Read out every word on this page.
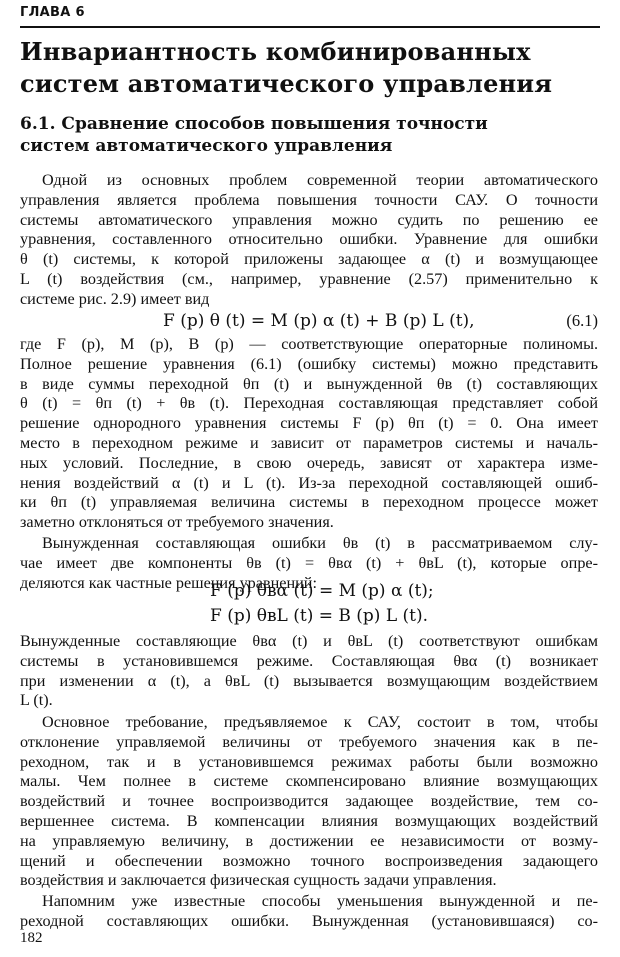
ГЛАВА 6
Инвариантность комбинированных
систем автоматического управления
6.1. Сравнение способов повышения точности
систем автоматического управления
Одной из основных проблем современной теории автоматического
управления является проблема повышения точности САУ. О точности
системы автоматического управления можно судить по решению ее
уравнения, составленного относительно ошибки. Уравнение для ошибки
θ (t) системы, к которой приложены задающее α (t) и возмущающее
L (t) воздействия (см., например, уравнение (2.57) применительно к
системе рис. 2.9) имеет вид
F (p) θ (t) = M (p) α (t) + B (p) L (t),	(6.1)
где F (p), M (p), B (p) — соответствующие операторные полиномы.
Полное решение уравнения (6.1) (ошибку системы) можно представить
в виде суммы переходной θп (t) и вынужденной θв (t) составляющих
θ (t) = θп (t) + θв (t). Переходная составляющая представляет собой
решение однородного уравнения системы F (p) θп (t) = 0. Она имеет
место в переходном режиме и зависит от параметров системы и началь-
ных условий. Последние, в свою очередь, зависят от характера изме-
нения воздействий α (t) и L (t). Из-за переходной составляющей ошиб-
ки θп (t) управляемая величина системы в переходном процессе может
заметно отклоняться от требуемого значения.
Вынужденная составляющая ошибки θв (t) в рассматриваемом слу-
чае имеет две компоненты θв (t) = θвα (t) + θвL (t), которые опре-
деляются как частные решения уравнений:
F (p) θвα (t) = M (p) α (t);
F (p) θвL (t) = B (p) L (t).
Вынужденные составляющие θвα (t) и θвL (t) соответствуют ошибкам
системы в установившемся режиме. Составляющая θвα (t) возникает
при изменении α (t), а θвL (t) вызывается возмущающим воздействием
L (t).
Основное требование, предъявляемое к САУ, состоит в том, чтобы
отклонение управляемой величины от требуемого значения как в пе-
реходном, так и в установившемся режимах работы были возможно
малы. Чем полнее в системе скомпенсировано влияние возмущающих
воздействий и точнее воспроизводится задающее воздействие, тем со-
вершеннее система. В компенсации влияния возмущающих воздействий
на управляемую величину, в достижении ее независимости от возму-
щений и обеспечении возможно точного воспроизведения задающего
воздействия и заключается физическая сущность задачи управления.
Напомним уже известные способы уменьшения вынужденной и пе-
реходной составляющих ошибки. Вынужденная (установившаяся) со-
182
